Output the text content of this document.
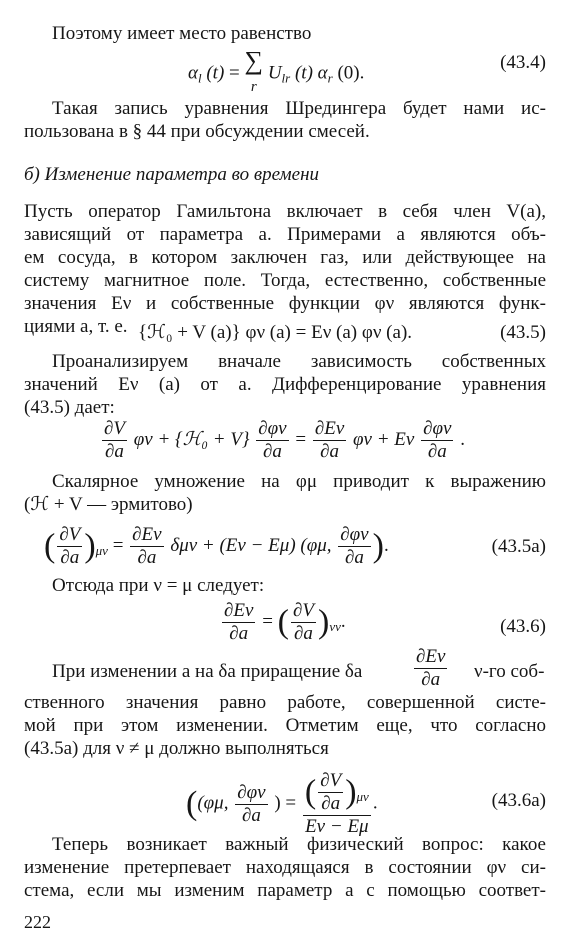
Поэтому имеет место равенство
$\alpha_l$ (t) = ∑
r $U_{lr}$ (t) $\alpha_r$ (0).	(43.4)
Такая запись уравнения Шредингера будет нами ис-
пользована в § 44 при обсуждении смесей.
б) Изменение параметра во времени
Пусть оператор Гамильтона включает в себя член V(a),
зависящий от параметра a. Примерами a являются объ-
ем сосуда, в котором заключен газ, или действующее на
систему магнитное поле. Тогда, естественно, собственные
значения Eν и собственные функции φν являются функ-
циями a, т. е. {ℋ₀ + V (a)} φν (a) = Eν (a) φν (a).	(43.5)
Проанализируем вначале зависимость собственных
значений Eν (a) от a. Дифференцирование уравнения
(43.5) дает:
$\frac{\partial V}{\partial a}$ φν + {ℋ₀ + $V\} \frac{\partial\varphi\nu}{\partial a} = \frac{\partial E\nu}{\partial a}$ φν + Eν $\frac{\partial\varphi\nu}{\partial a}$ .
Скалярное умножение на φμ приводит к выражению
(ℋ + V — эрмитово)
( $\frac{\partial V}{\partial a} )_{\mu\nu} = \frac{\partial E\nu}{\partial a}$ δμν + (Eν − Eμ) (φμ, $\frac{\partial\varphi\nu}{\partial a}$ ).	(43.5a)
Отсюда при ν = μ следует:
$\frac{\partial E\nu}{\partial a}$ = ( $\frac{\partial V}{\partial a} )_{\nu\nu}$.	(43.6)
При изменении a на δa приращение δa	$\frac{\partial E\nu}{\partial a} \nu-го$ соб-
ственного значения равно работе, совершенной систе-
мой при этом изменении. Отметим еще, что согласно
(43.5a) для ν ≠ μ должно выполняться
((φμ, $\frac{\partial\varphi\nu}{\partial a}$ ) = $\frac{( \frac{\partial V}{\partial a} )_{\mu\nu}}{E\nu - E\mu}$ .	(43.6a)
Теперь возникает важный физический вопрос: какое
изменение претерпевает находящаяся в состоянии φν си-
стема, если мы изменим параметр a с помощью соответ-
222
